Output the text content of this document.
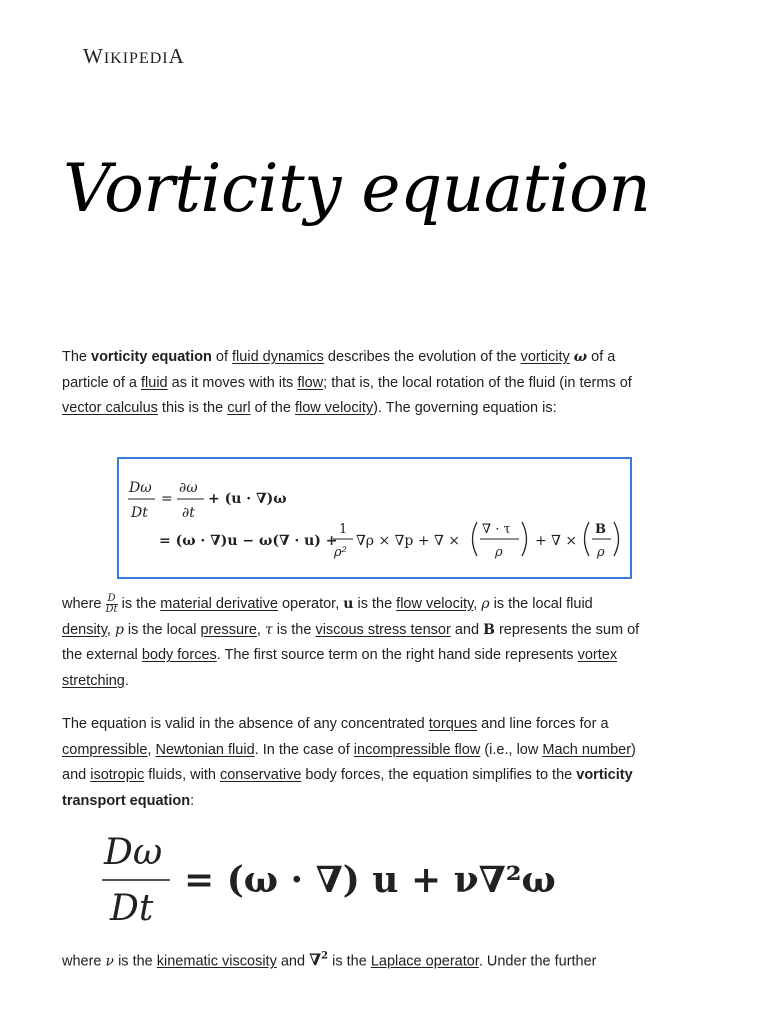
WIKIPEDIA
Vorticity equation

The vorticity equation of fluid dynamics describes the evolution of the vorticity ω of a particle of a fluid as it moves with its flow; that is, the local rotation of the fluid (in terms of vector calculus this is the curl of the flow velocity). The governing equation is:

Dω
Dt
=
∂ω
∂t
+ (u · ∇)ω
= (ω · ∇)u − ω(∇ · u) +
1
ρ²
∇ρ × ∇p + ∇ ×
∇ · τ
ρ
+ ∇ ×
B
ρ

where $\frac{D}{Dt}$ is the material derivative operator, u is the flow velocity, ρ is the local fluid density, p is the local pressure, τ is the viscous stress tensor and B represents the sum of the external body forces. The first source term on the right hand side represents vortex stretching.

The equation is valid in the absence of any concentrated torques and line forces for a compressible, Newtonian fluid. In the case of incompressible flow (i.e., low Mach number) and isotropic fluids, with conservative body forces, the equation simplifies to the vorticity transport equation:

Dω
Dt
= (ω · ∇) u + ν∇²ω

where ν is the kinematic viscosity and ∇$^2$ is the Laplace operator. Under the further
